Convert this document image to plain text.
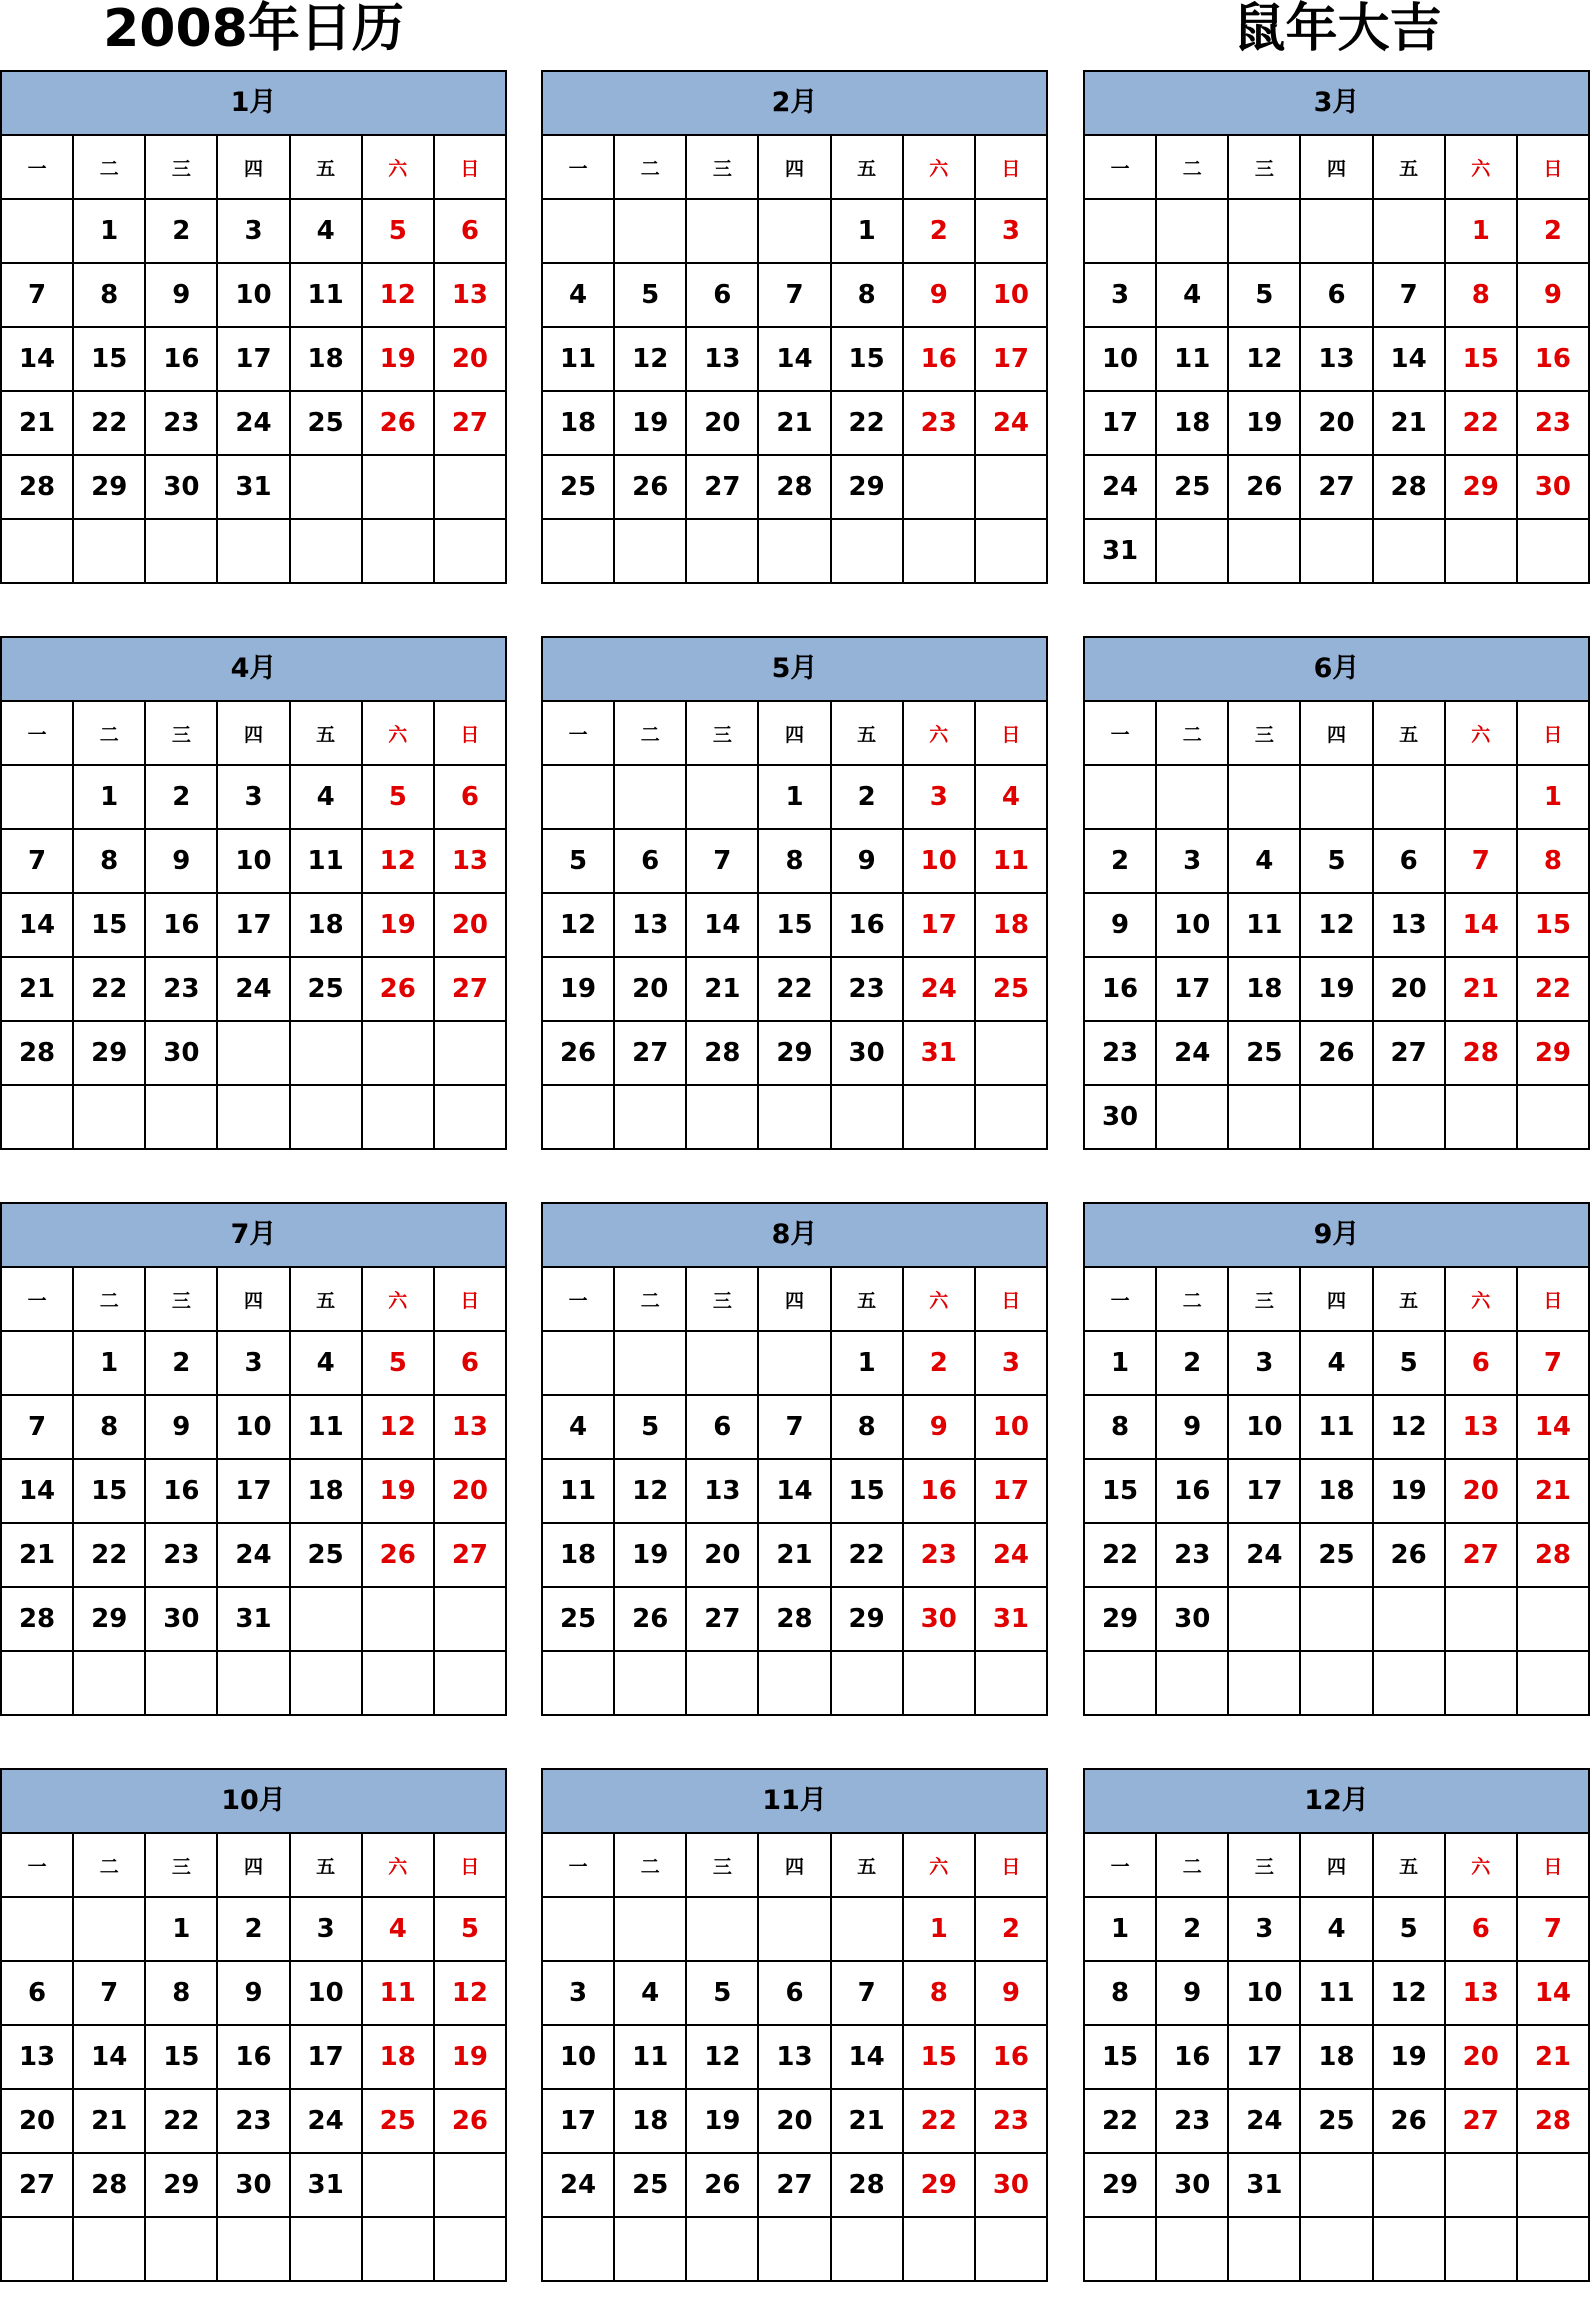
2008年日历	鼠年大吉
1月
一	二	三	四	五	六	日
	1	2	3	4	5	6
7	8	9	10	11	12	13
14	15	16	17	18	19	20
21	22	23	24	25	26	27
28	29	30	31			

2月
一	二	三	四	五	六	日
				1	2	3
4	5	6	7	8	9	10
11	12	13	14	15	16	17
18	19	20	21	22	23	24
25	26	27	28	29		

3月
一	二	三	四	五	六	日
					1	2
3	4	5	6	7	8	9
10	11	12	13	14	15	16
17	18	19	20	21	22	23
24	25	26	27	28	29	30
31						
4月
一	二	三	四	五	六	日
	1	2	3	4	5	6
7	8	9	10	11	12	13
14	15	16	17	18	19	20
21	22	23	24	25	26	27
28	29	30				

5月
一	二	三	四	五	六	日
			1	2	3	4
5	6	7	8	9	10	11
12	13	14	15	16	17	18
19	20	21	22	23	24	25
26	27	28	29	30	31	

6月
一	二	三	四	五	六	日
						1
2	3	4	5	6	7	8
9	10	11	12	13	14	15
16	17	18	19	20	21	22
23	24	25	26	27	28	29
30						
7月
一	二	三	四	五	六	日
	1	2	3	4	5	6
7	8	9	10	11	12	13
14	15	16	17	18	19	20
21	22	23	24	25	26	27
28	29	30	31			

8月
一	二	三	四	五	六	日
				1	2	3
4	5	6	7	8	9	10
11	12	13	14	15	16	17
18	19	20	21	22	23	24
25	26	27	28	29	30	31

9月
一	二	三	四	五	六	日
1	2	3	4	5	6	7
8	9	10	11	12	13	14
15	16	17	18	19	20	21
22	23	24	25	26	27	28
29	30					

10月
一	二	三	四	五	六	日
		1	2	3	4	5
6	7	8	9	10	11	12
13	14	15	16	17	18	19
20	21	22	23	24	25	26
27	28	29	30	31		

11月
一	二	三	四	五	六	日
					1	2
3	4	5	6	7	8	9
10	11	12	13	14	15	16
17	18	19	20	21	22	23
24	25	26	27	28	29	30

12月
一	二	三	四	五	六	日
1	2	3	4	5	6	7
8	9	10	11	12	13	14
15	16	17	18	19	20	21
22	23	24	25	26	27	28
29	30	31				
